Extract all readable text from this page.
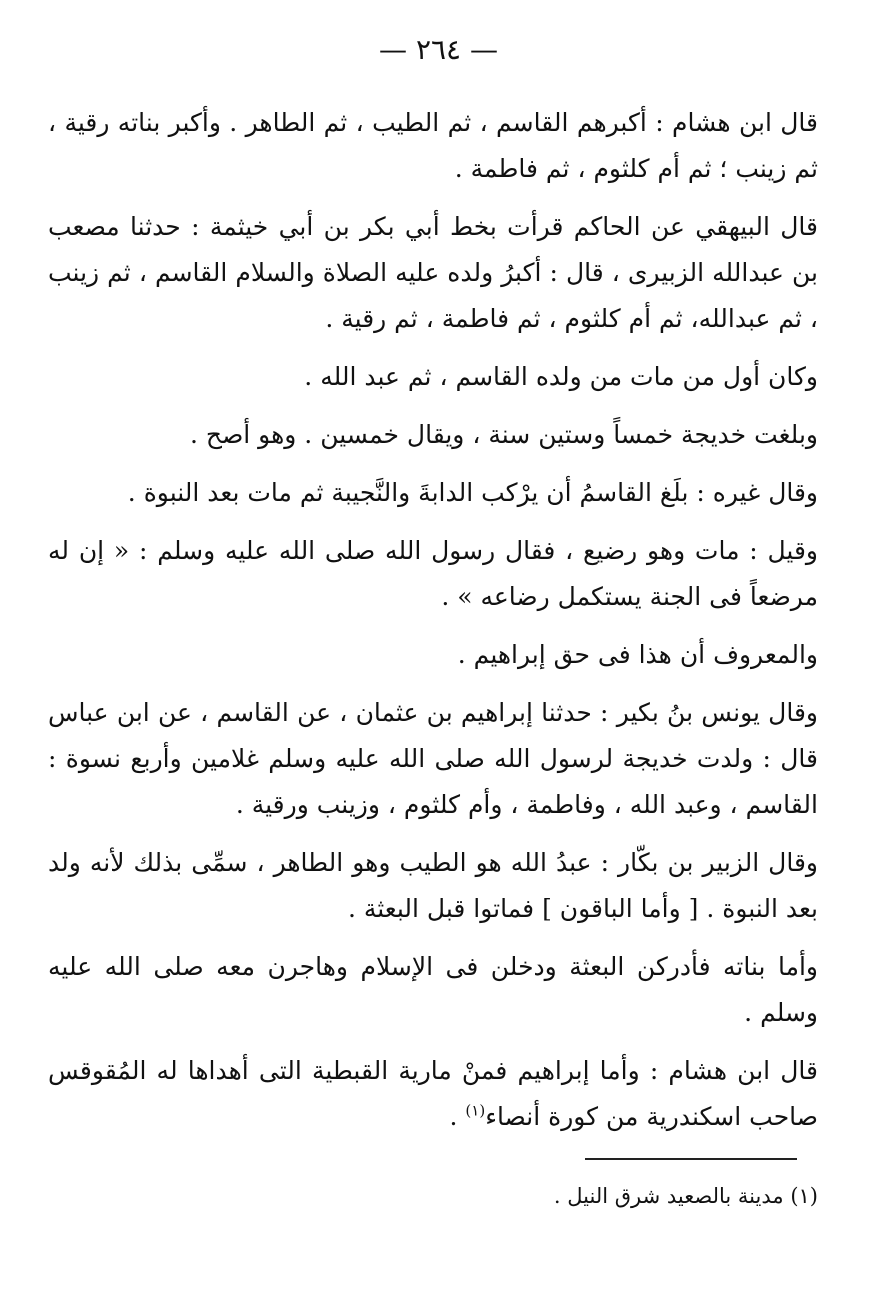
— ٢٦٤ —

قال ابن هشام : أكبرهم القاسم ، ثم الطيب ، ثم الطاهر . وأكبر بناته رقية ، ثم زينب ؛ ثم أم كلثوم ، ثم فاطمة .

قال البيهقي عن الحاكم قرأت بخط أبي بكر بن أبي خيثمة : حدثنا مصعب بن عبدالله الزبيرى ، قال : أكبرُ ولده عليه الصلاة والسلام القاسم ، ثم زينب ، ثم عبدالله، ثم أم كلثوم ، ثم فاطمة ، ثم رقية .

وكان أول من مات من ولده القاسم ، ثم عبد الله .

وبلغت خديجة خمساً وستين سنة ، ويقال خمسين . وهو أصح .

وقال غيره : بلَغ القاسمُ أن يرْكب الدابةَ والنَّجيبة ثم مات بعد النبوة .

وقيل : مات وهو رضيع ، فقال رسول الله صلى الله عليه وسلم : « إن له مرضعاً فى الجنة يستكمل رضاعه » .

والمعروف أن هذا فى حق إبراهيم .

وقال يونس بنُ بكير : حدثنا إبراهيم بن عثمان ، عن القاسم ، عن ابن عباس قال : ولدت خديجة لرسول الله صلى الله عليه وسلم غلامين وأربع نسوة : القاسم ، وعبد الله ، وفاطمة ، وأم كلثوم ، وزينب ورقية .

وقال الزبير بن بكّار : عبدُ الله هو الطيب وهو الطاهر ، سمِّى بذلك لأنه ولد بعد النبوة . [ وأما الباقون ] فماتوا قبل البعثة .

وأما بناته فأدركن البعثة ودخلن فى الإسلام وهاجرن معه صلى الله عليه وسلم .

قال ابن هشام : وأما إبراهيم فمنْ مارية القبطية التى أهداها له المُقوقس صاحب اسكندرية من كورة أنصاء$^{(١)}$ .

(١) مدينة بالصعيد شرق النيل .
